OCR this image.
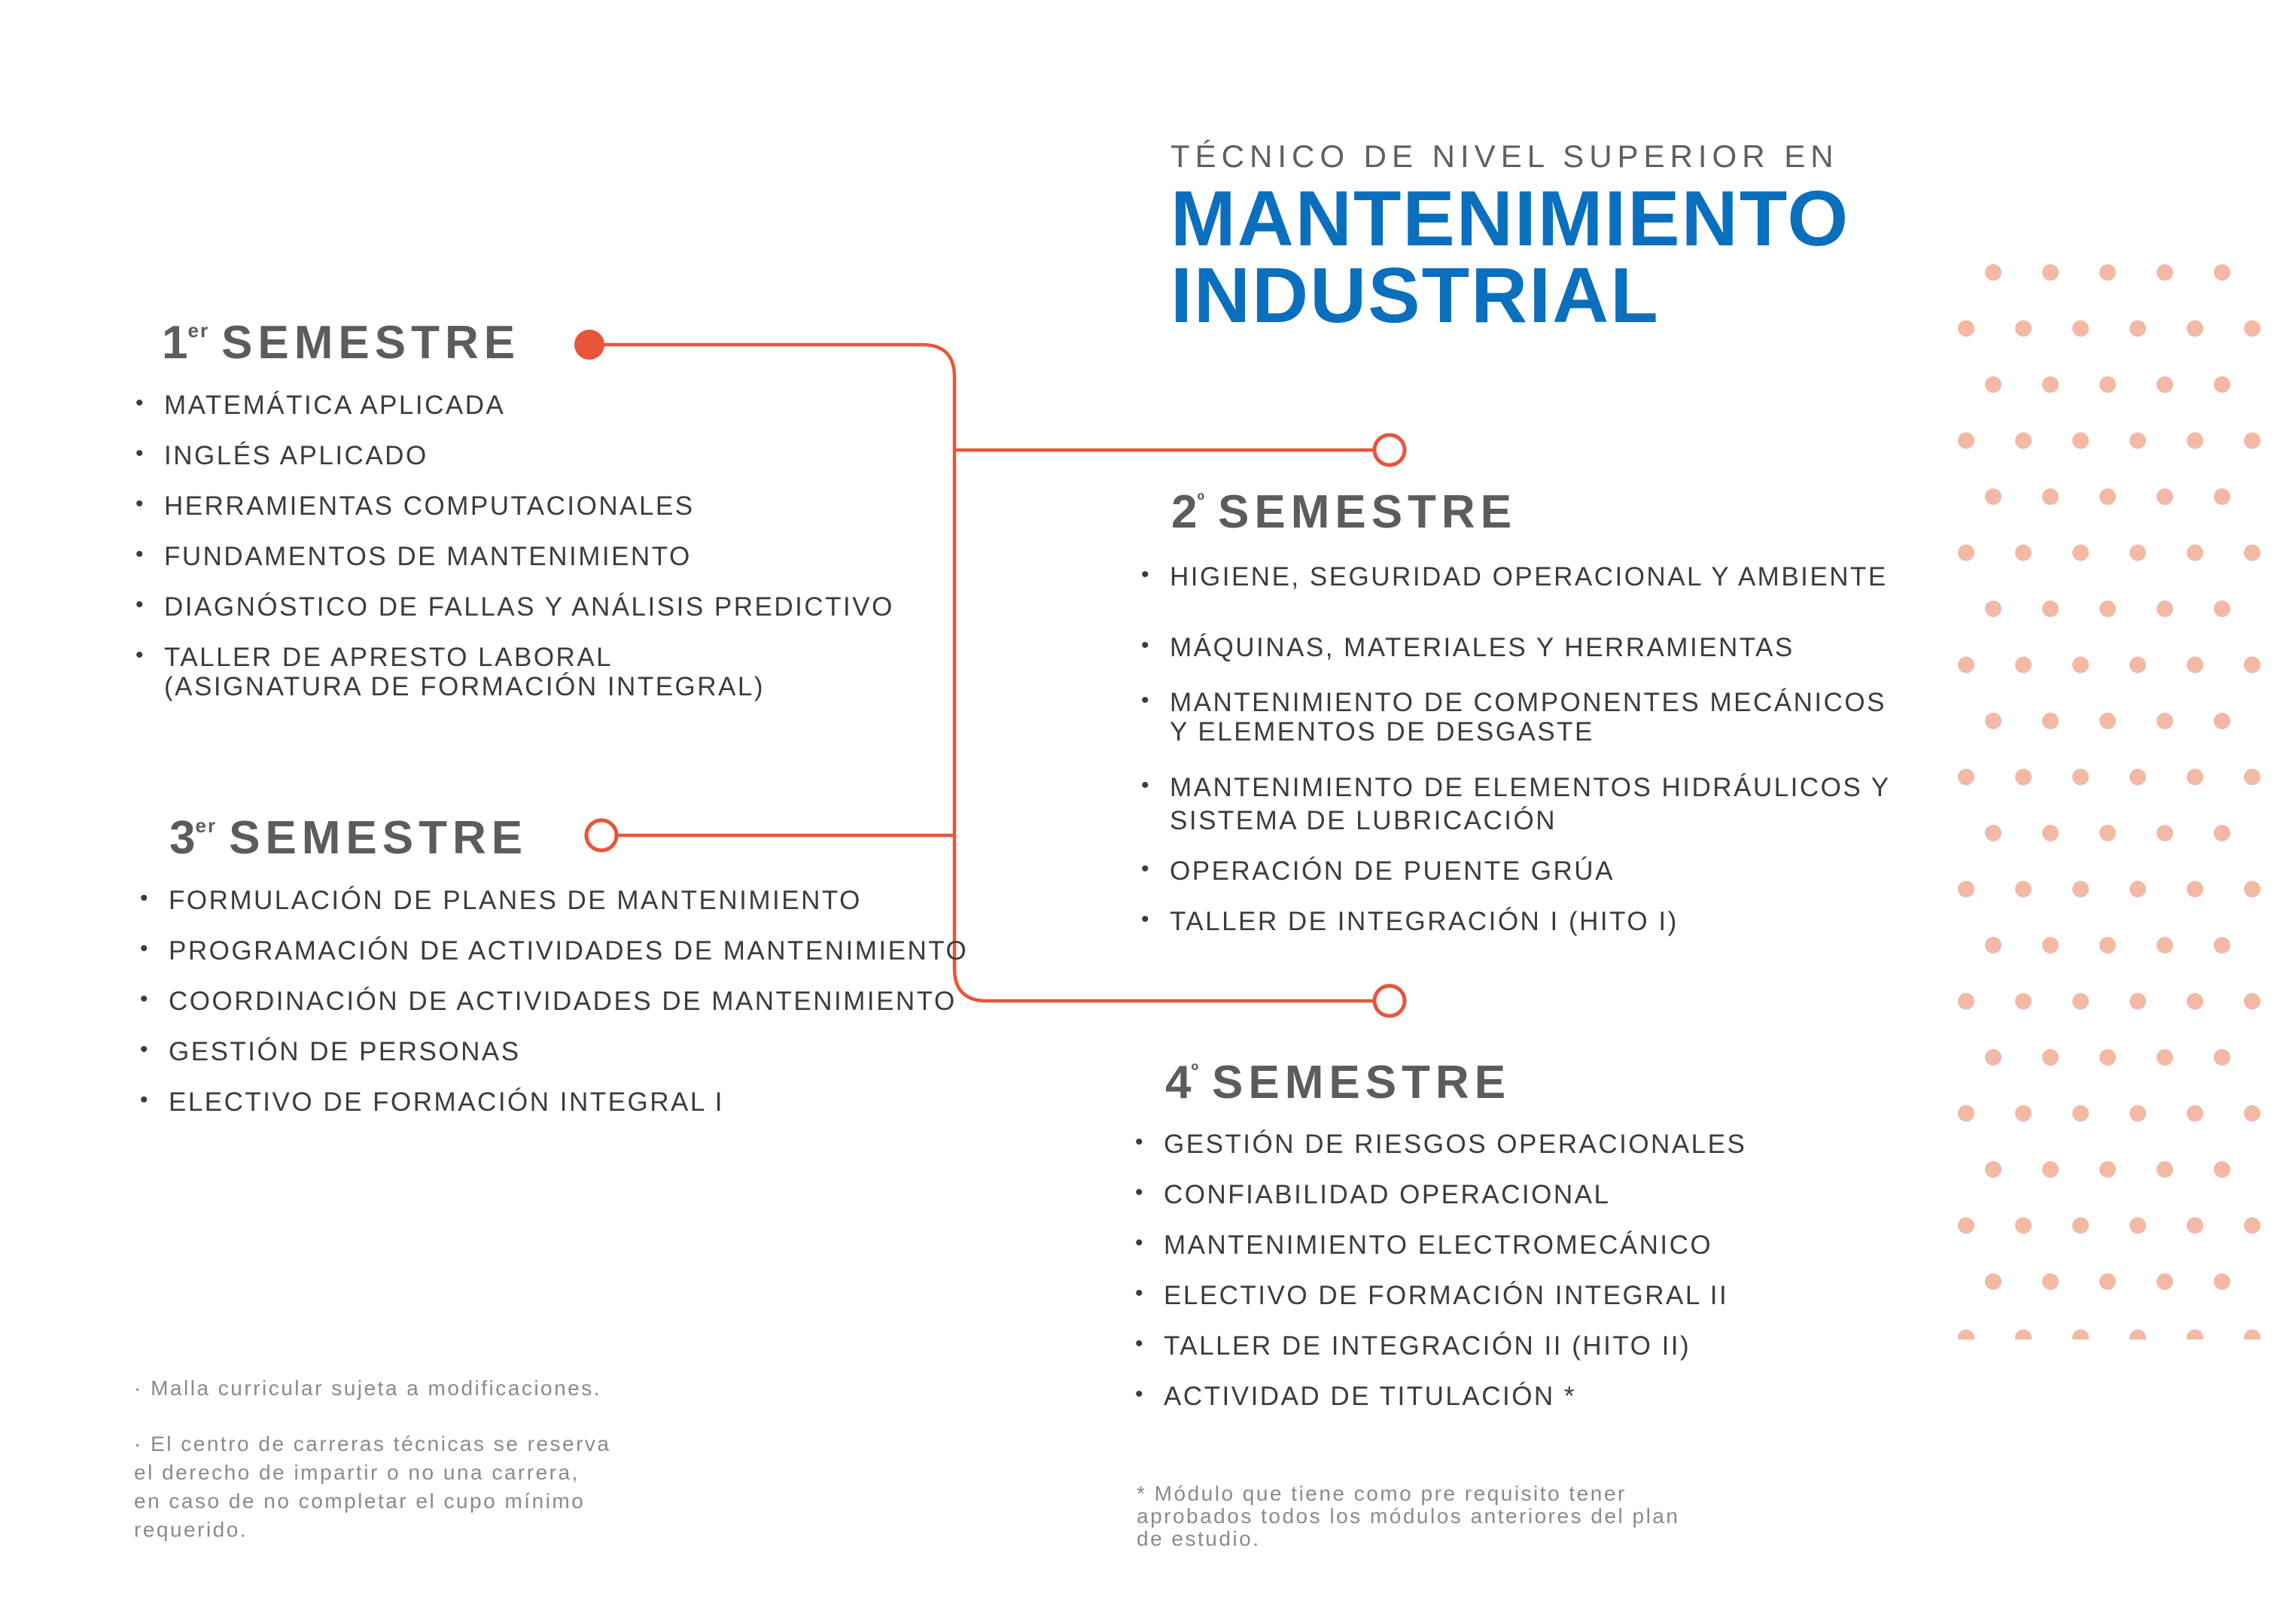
TÉCNICO DE NIVEL SUPERIOR EN
MANTENIMIENTO
INDUSTRIAL
1er SEMESTRE
• MATEMÁTICA APLICADA
• INGLÉS APLICADO
• HERRAMIENTAS COMPUTACIONALES
• FUNDAMENTOS DE MANTENIMIENTO
• DIAGNÓSTICO DE FALLAS Y ANÁLISIS PREDICTIVO
• TALLER DE APRESTO LABORAL
(ASIGNATURA DE FORMACIÓN INTEGRAL)
$2^º$ SEMESTRE
• HIGIENE, SEGURIDAD OPERACIONAL Y AMBIENTE
• MÁQUINAS, MATERIALES Y HERRAMIENTAS
• MANTENIMIENTO DE COMPONENTES MECÁNICOS
Y ELEMENTOS DE DESGASTE
• MANTENIMIENTO DE ELEMENTOS HIDRÁULICOS Y
SISTEMA DE LUBRICACIÓN
• OPERACIÓN DE PUENTE GRÚA
• TALLER DE INTEGRACIÓN I (HITO I)
3er SEMESTRE
• FORMULACIÓN DE PLANES DE MANTENIMIENTO
• PROGRAMACIÓN DE ACTIVIDADES DE MANTENIMIENTO
• COORDINACIÓN DE ACTIVIDADES DE MANTENIMIENTO
• GESTIÓN DE PERSONAS
• ELECTIVO DE FORMACIÓN INTEGRAL I	$4^º$ SEMESTRE
• GESTIÓN DE RIESGOS OPERACIONALES
• CONFIABILIDAD OPERACIONAL
• MANTENIMIENTO ELECTROMECÁNICO
• ELECTIVO DE FORMACIÓN INTEGRAL II
• TALLER DE INTEGRACIÓN II (HITO II)
• ACTIVIDAD DE TITULACIÓN *
· Malla curricular sujeta a modificaciones.
· El centro de carreras técnicas se reserva
el derecho de impartir o no una carrera,
en caso de no completar el cupo mínimo
requerido.
* Módulo que tiene como pre requisito tener
aprobados todos los módulos anteriores del plan
de estudio.
